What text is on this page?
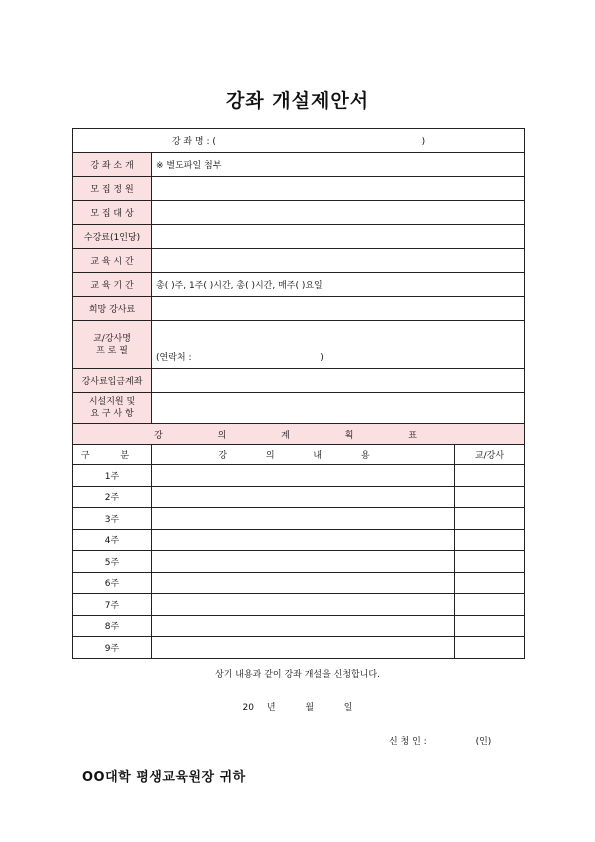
강좌 개설제안서
강 좌 명 : ( )		
강 좌 소 개	※ 별도파일 첨부	
모 집 정 원		
모 집 대 상		
수강료(1인당)		
교 육 시 간		
교 육 기 간	총( )주, 1주( )시간, 총( )시간, 매주( )요일	
희망 강사료		

교/강사명
프 로 필	(연락처 :                                             )	
강사료입금계좌		

시설지원 및
요 구 사 항		

강 의 계 획 표		
구 분	강 의 내 용	교/강사
1주		
2주		
3주		
4주		
5주		
6주		
7주		
8주		
9주		
상기 내용과 같이 강좌 개설을 신청합니다.
20 년	월	일
신 청 인 :	(인)
OO대학 평생교육원장 귀하
